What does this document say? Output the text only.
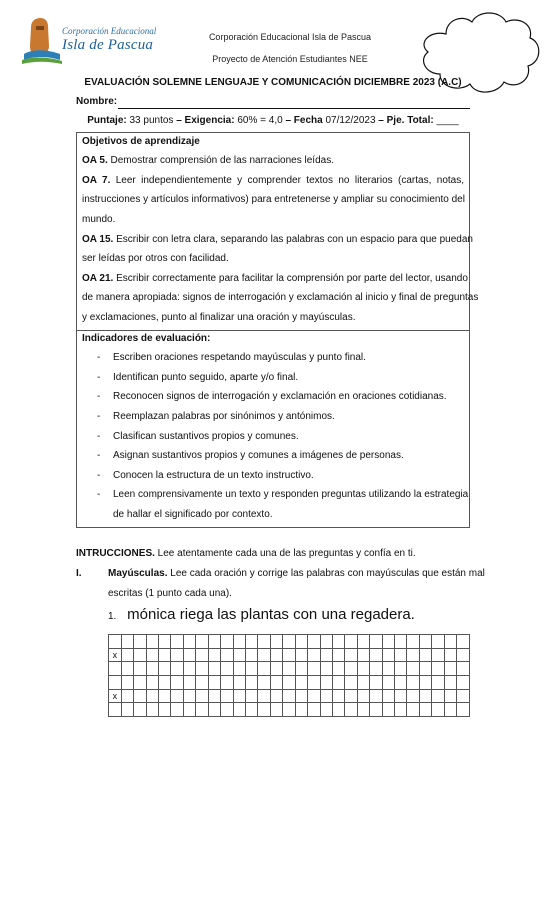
Corporación Educacional
Isla de Pascua	Corporación Educacional Isla de Pascua
Proyecto de Atención Estudiantes NEE
EVALUACIÓN SOLEMNE LENGUAJE Y COMUNICACIÓN DICIEMBRE 2023 (A.C)
Nombre:
Puntaje: 33 puntos – Exigencia: 60% = 4,0 – Fecha 07/12/2023 – Pje. Total: ____
Objetivos de aprendizaje
OA 5. Demostrar comprensión de las narraciones leídas.
OA 7. Leer independientemente y comprender textos no literarios (cartas, notas,
instrucciones y artículos informativos) para entretenerse y ampliar su conocimiento del
mundo.
OA 15. Escribir con letra clara, separando las palabras con un espacio para que puedan
ser leídas por otros con facilidad.
OA 21. Escribir correctamente para facilitar la comprensión por parte del lector, usando
de manera apropiada: signos de interrogación y exclamación al inicio y final de preguntas
y exclamaciones, punto al finalizar una oración y mayúsculas.
Indicadores de evaluación:
- Escriben oraciones respetando mayúsculas y punto final.
- Identifican punto seguido, aparte y/o final.
- Reconocen signos de interrogación y exclamación en oraciones cotidianas.
- Reemplazan palabras por sinónimos y antónimos.
- Clasifican sustantivos propios y comunes.
- Asignan sustantivos propios y comunes a imágenes de personas.
- Conocen la estructura de un texto instructivo.
- Leen comprensivamente un texto y responden preguntas utilizando la estrategia
de hallar el significado por contexto.
INTRUCCIONES. Lee atentamente cada una de las preguntas y confía en ti.
I.	Mayúsculas. Lee cada oración y corrige las palabras con mayúsculas que están mal
escritas (1 punto cada una).
1. mónica riega las plantas con una regadera.

x																												

x																												
